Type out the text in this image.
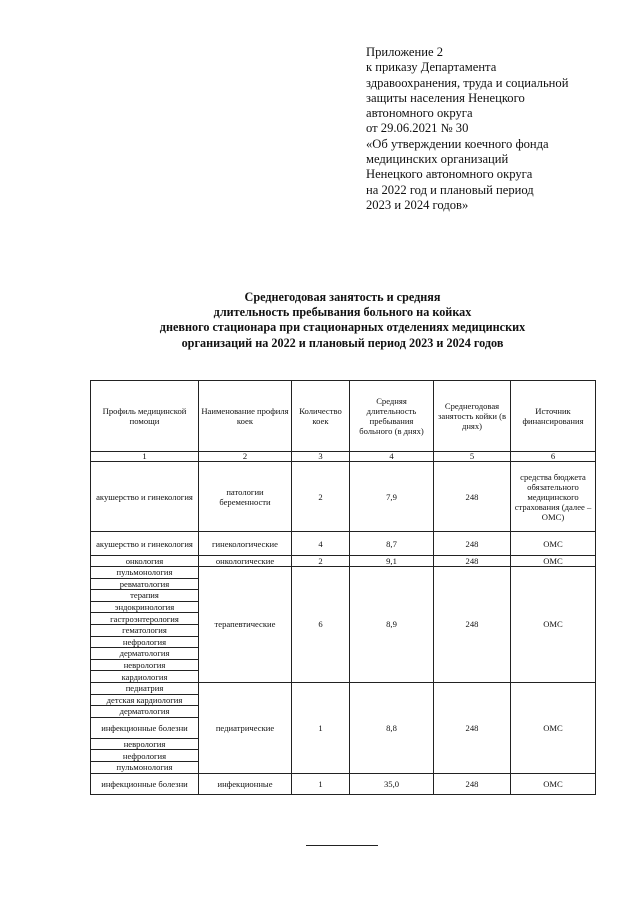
Приложение 2
к приказу Департамента
здравоохранения, труда и социальной
защиты населения Ненецкого
автономного округа
от 29.06.2021 № 30
«Об утверждении коечного фонда
медицинских организаций
Ненецкого автономного округа
на 2022 год и плановый период
2023 и 2024 годов»
Среднегодовая занятость и средняя
длительность пребывания больного на койках
дневного стационара при стационарных отделениях медицинских
организаций на 2022 и плановый период 2023 и 2024 годов
Профиль медицинской помощи	Наименование профиля коек	Количество коек	Средняя длительность пребывания больного (в днях)	Среднегодовая занятость койки (в днях)	Источник финансирования
1	2	3	4	5	6
акушерство и гинекология	патологии беременности	2	7,9	248	средства бюджета обязательного медицинского страхования (далее – ОМС)
акушерство и гинекология	гинекологические	4	8,7	248	ОМС
онкология	онкологические	2	9,1	248	ОМС
пульмонология	терапевтические	6	8,9	248	ОМС
ревматология					
терапия					
эндокринология					
гастроэнтерология					
гематология					
нефрология					
дерматология					
неврология					
кардиология					
педиатрия	педиатрические	1	8,8	248	ОМС
детская кардиология					
дерматология					
инфекционные болезни					
неврология					
нефрология					
пульмонология					
инфекционные болезни	инфекционные	1	35,0	248	ОМС
